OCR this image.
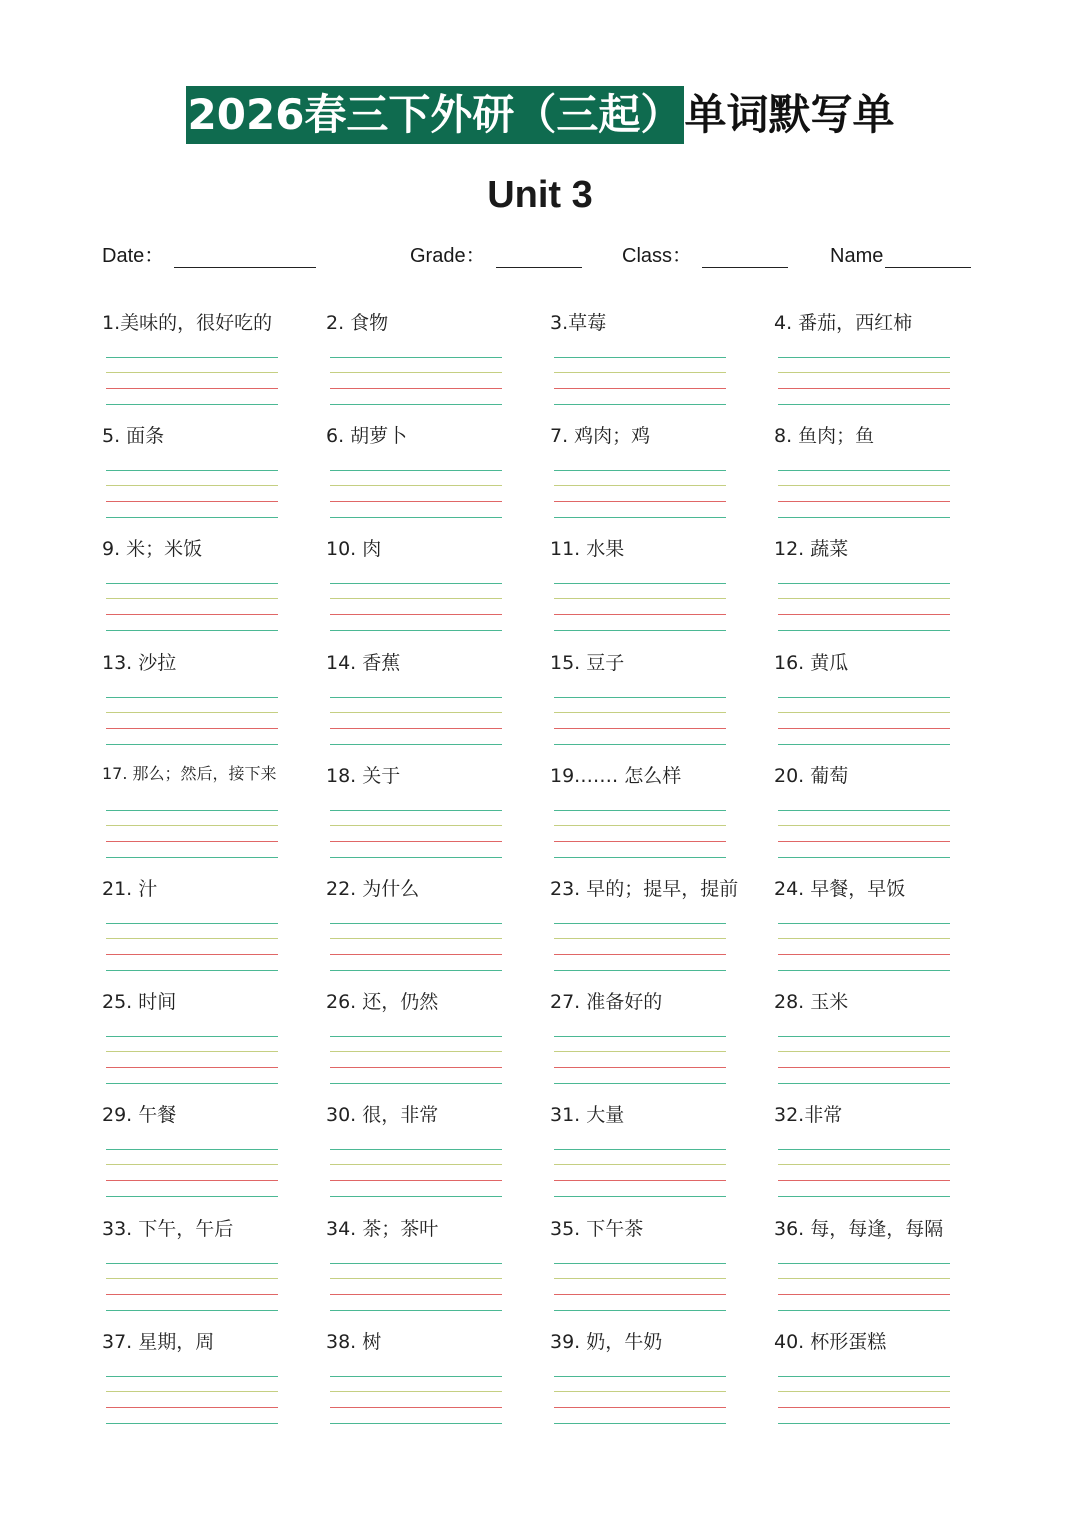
2026春三下外研（三起） 单词默写单
Unit 3
Date：	Grade：	Class：	Name
1.美味的，很好吃的	2. 食物	3.草莓	4. 番茄，西红柿
5. 面条	6. 胡萝卜	7. 鸡肉；鸡	8. 鱼肉；鱼
9. 米；米饭	10. 肉	11. 水果	12. 蔬菜
13. 沙拉	14. 香蕉	15. 豆子	16. 黄瓜
17. 那么；然后，接下来	18. 关于	19.…… 怎么样	20. 葡萄
21. 汁	22. 为什么	23. 早的；提早，提前 24. 早餐，早饭
25. 时间	26. 还，仍然	27. 准备好的	28. 玉米
29. 午餐	30. 很，非常	31. 大量	32.非常
33. 下午，午后	34. 茶；茶叶	35. 下午茶	36. 每，每逢，每隔
37. 星期，周	38. 树	39. 奶，牛奶	40. 杯形蛋糕
